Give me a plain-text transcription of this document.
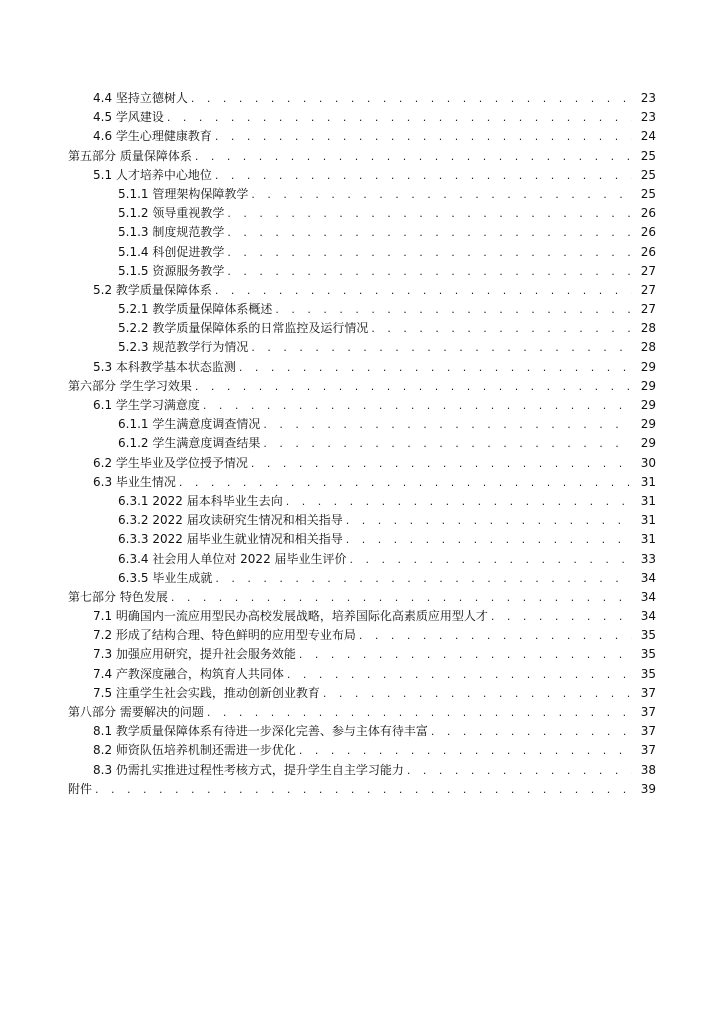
4.4 坚持立德树人 . . .	23
4.5 学风建设 . . .	23
4.6 学生心理健康教育 . . .	24
第五部分 质量保障体系 . . .	25
5.1 人才培养中心地位 . . .	25
5.1.1 管理架构保障教学 . . .	25
5.1.2 领导重视教学 . . .	26
5.1.3 制度规范教学 . . .	26
5.1.4 科创促进教学 . . .	26
5.1.5 资源服务教学 . . .	27
5.2 教学质量保障体系 . . .	27
5.2.1 教学质量保障体系概述 . . .	27
5.2.2 教学质量保障体系的日常监控及运行情况 . . .	28
5.2.3 规范教学行为情况 . . .	28
5.3 本科教学基本状态监测 . . .	29
第六部分 学生学习效果 . . .	29
6.1 学生学习满意度 . . .	29
6.1.1 学生满意度调查情况 . . .	29
6.1.2 学生满意度调查结果 . . .	29
6.2 学生毕业及学位授予情况 . . .	30
6.3 毕业生情况 . . .	31
6.3.1 2022 届本科毕业生去向 . . .	31
6.3.2 2022 届攻读研究生情况和相关指导 . . .	31
6.3.3 2022 届毕业生就业情况和相关指导 . . .	31
6.3.4 社会用人单位对 2022 届毕业生评价 . . .	33
6.3.5 毕业生成就 . . .	34
第七部分 特色发展 . . .	34
7.1 明确国内一流应用型民办高校发展战略，培养国际化高素质应用型人才 . . .	34
7.2 形成了结构合理、特色鲜明的应用型专业布局 . . .	35
7.3 加强应用研究，提升社会服务效能 . . .	35
7.4 产教深度融合，构筑育人共同体 . . .	35
7.5 注重学生社会实践，推动创新创业教育 . . .	37
第八部分 需要解决的问题 . . .	37
8.1 教学质量保障体系有待进一步深化完善、参与主体有待丰富 . . .	37
8.2 师资队伍培养机制还需进一步优化 . . .	37
8.3 仍需扎实推进过程性考核方式，提升学生自主学习能力 . . .	38
附件 . . .	39
